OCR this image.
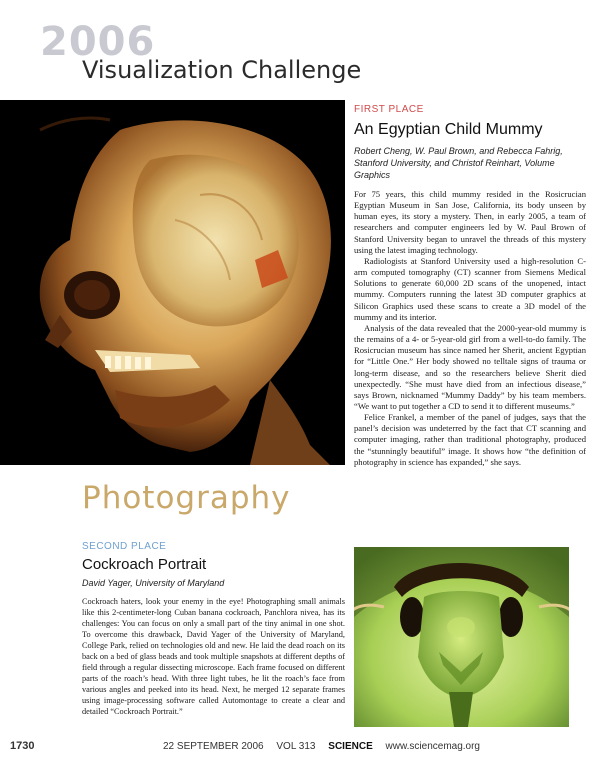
2006
Visualization Challenge
FIRST PLACE
An Egyptian Child Mummy
Robert Cheng, W. Paul Brown, and Rebecca Fahrig, Stanford University, and Christof Reinhart, Volume Graphics

For 75 years, this child mummy resided in the Rosicrucian Egyptian Museum in San Jose, California, its body unseen by human eyes, its story a mystery. Then, in early 2005, a team of researchers and computer engineers led by W. Paul Brown of Stanford University began to unravel the threads of this mystery using the latest imaging technology.

Radiologists at Stanford University used a high-resolution C-arm computed tomography (CT) scanner from Siemens Medical Solutions to generate 60,000 2D scans of the unopened, intact mummy. Computers running the latest 3D computer graphics at Silicon Graphics used these scans to create a 3D model of the mummy and its interior.

Analysis of the data revealed that the 2000-year-old mummy is the remains of a 4- or 5-year-old girl from a well-to-do family. The Rosicrucian museum has since named her Sherit, ancient Egyptian for “Little One.” Her body showed no telltale signs of trauma or long-term disease, and so the researchers believe Sherit died unexpectedly. “She must have died from an infectious disease,” says Brown, nicknamed “Mummy Daddy” by his team members. “We want to put together a CD to send it to different museums.”

Felice Frankel, a member of the panel of judges, says that the panel’s decision was undeterred by the fact that CT scanning and computer imaging, rather than traditional photography, produced the “stunningly beautiful” image. It shows how “the definition of photography in science has expanded,” she says.

Photography
SECOND PLACE
Cockroach Portrait
David Yager, University of Maryland

Cockroach haters, look your enemy in the eye! Photographing small animals like this 2-centimeter-long Cuban banana cockroach, Panchlora nivea, has its challenges: You can focus on only a small part of the tiny animal in one shot. To overcome this drawback, David Yager of the University of Maryland, College Park, relied on technologies old and new. He laid the dead roach on its back on a bed of glass beads and took multiple snapshots at different depths of field through a regular dissecting microscope. Each frame focused on different parts of the roach’s head. With three light tubes, he lit the roach’s face from various angles and peeked into its head. Next, he merged 12 separate frames using image-processing software called Automontage to create a clear and detailed “Cockroach Portrait.”

1730	22 SEPTEMBER 2006 VOL 313 SCIENCE www.sciencemag.org
